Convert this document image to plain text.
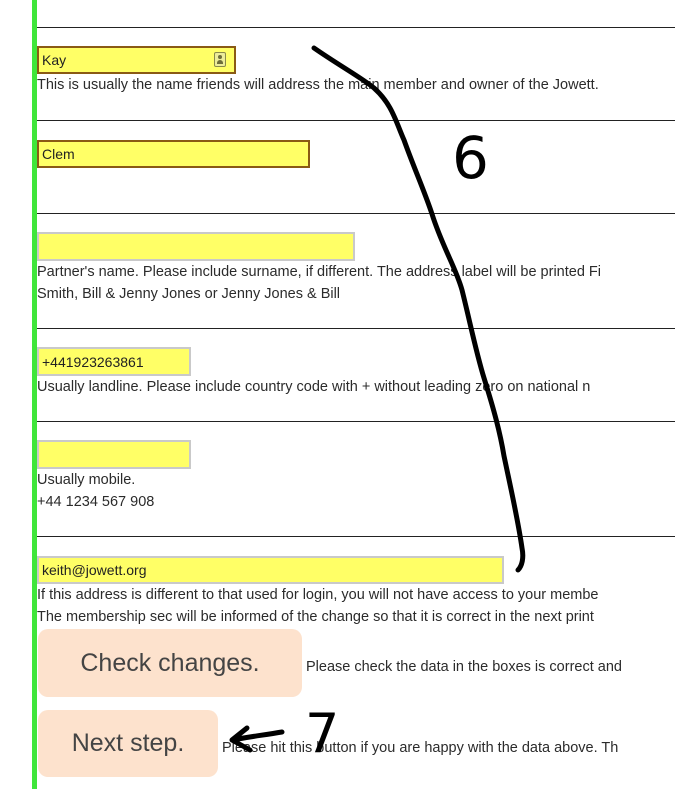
Kay
This is usually the name friends will address the main member and owner of the Jowett.
Clem
Partner's name. Please include surname, if different. The address label will be printed Fi
Smith, Bill & Jenny Jones or Jenny Jones & Bill
+441923263861
Usually landline. Please include country code with + without leading zero on national n
Usually mobile.
+44 1234 567 908
keith@jowett.org
If this address is different to that used for login, you will not have access to your membe
The membership sec will be informed of the change so that it is correct in the next print
Check changes.	Please check the data in the boxes is correct and
Next step.	Please hit this button if you are happy with the data above. Th
6
7
